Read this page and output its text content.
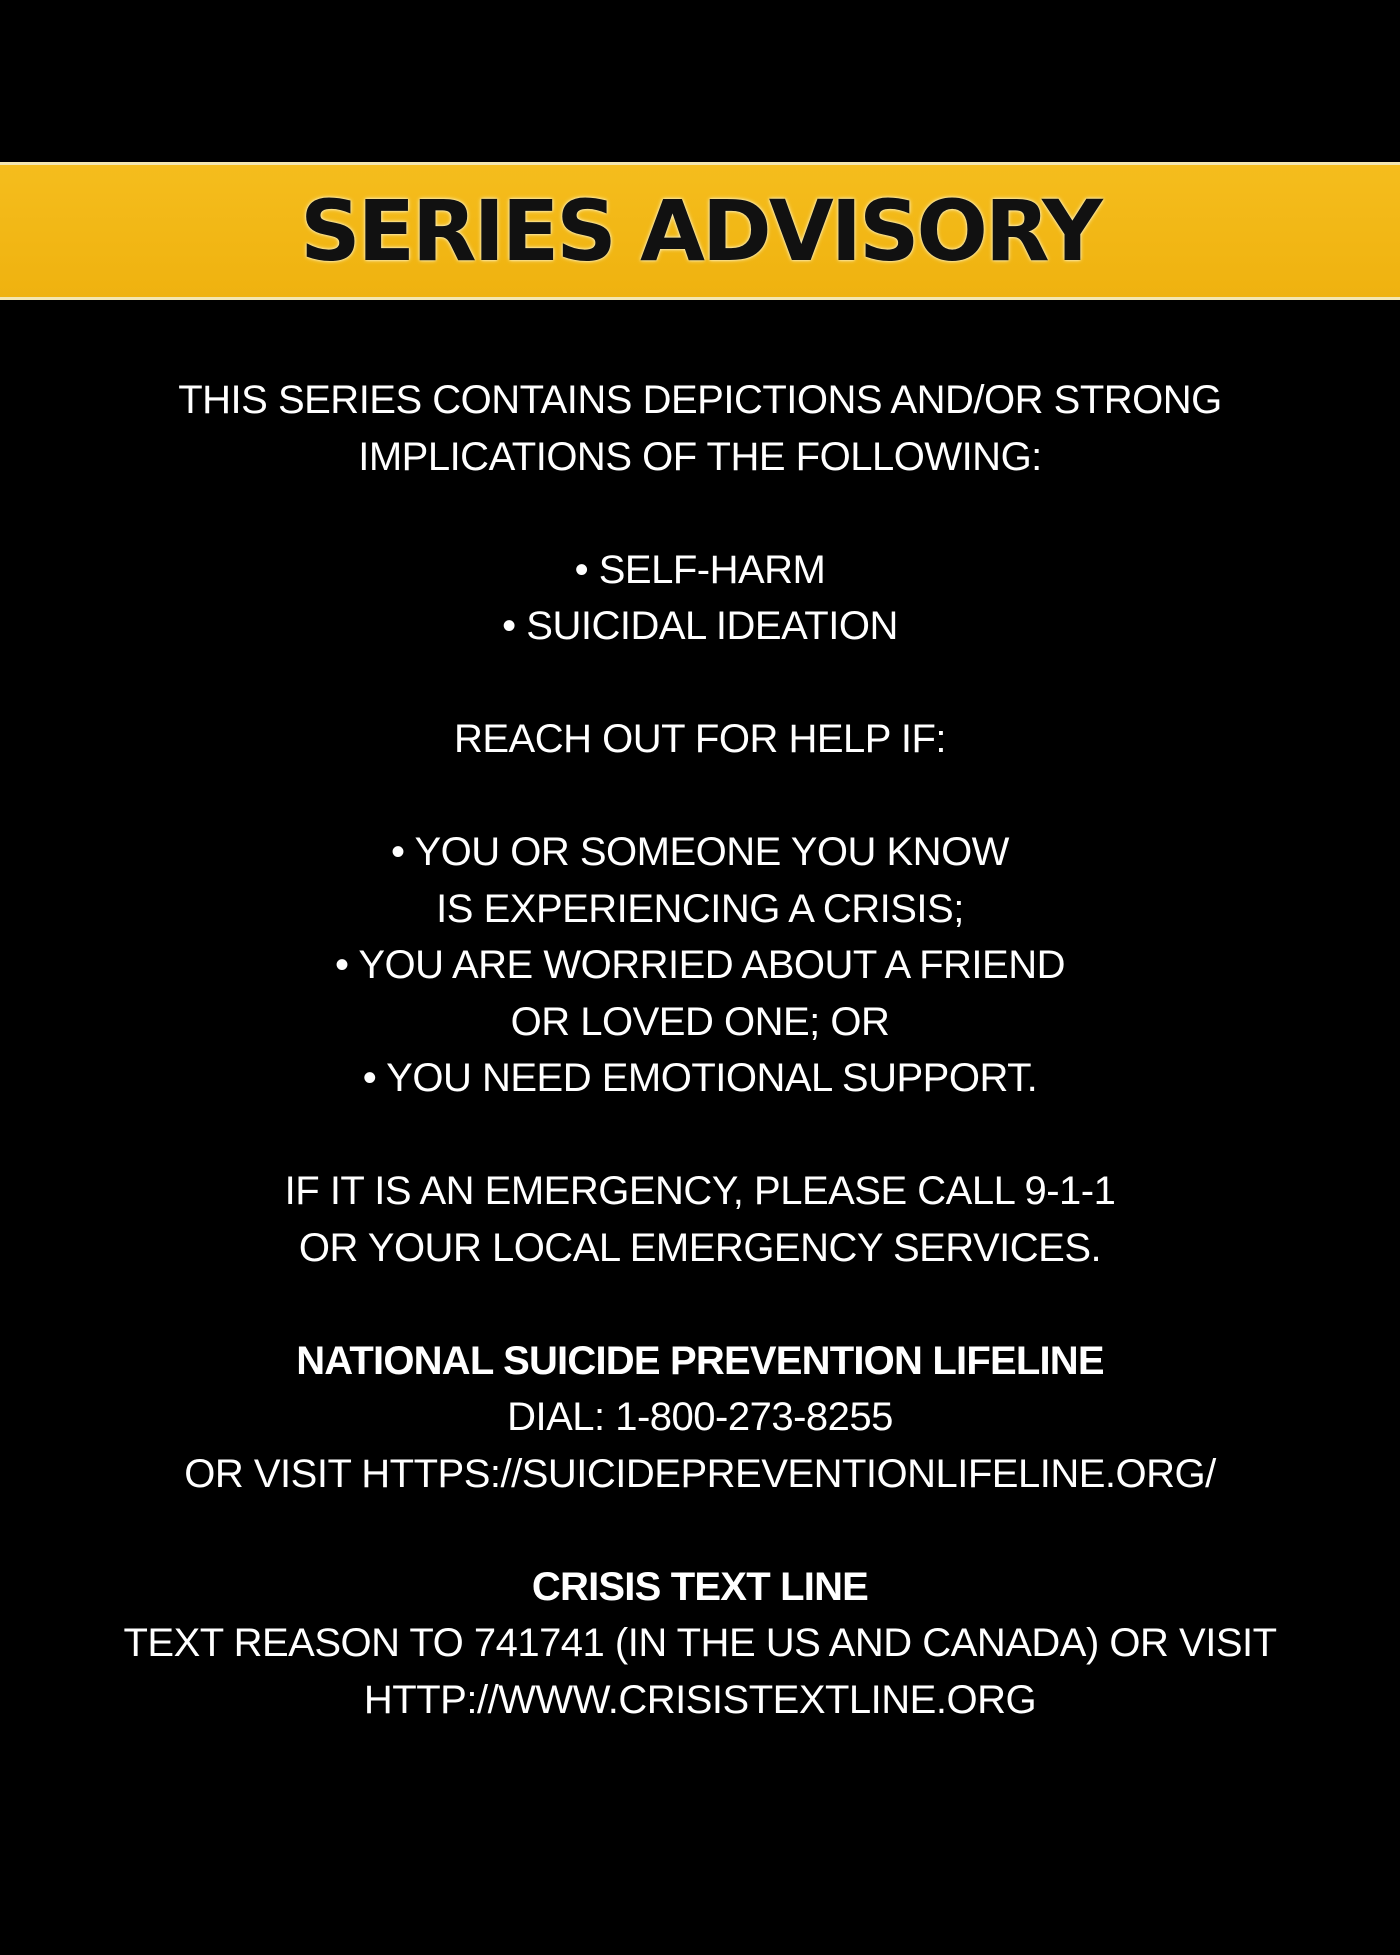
SERIES ADVISORY
THIS SERIES CONTAINS DEPICTIONS AND/OR STRONG
IMPLICATIONS OF THE FOLLOWING:
• SELF-HARM
• SUICIDAL IDEATION
REACH OUT FOR HELP IF:
• YOU OR SOMEONE YOU KNOW
IS EXPERIENCING A CRISIS;
• YOU ARE WORRIED ABOUT A FRIEND
OR LOVED ONE; OR
• YOU NEED EMOTIONAL SUPPORT.
IF IT IS AN EMERGENCY, PLEASE CALL 9-1-1
OR YOUR LOCAL EMERGENCY SERVICES.
NATIONAL SUICIDE PREVENTION LIFELINE
DIAL: 1-800-273-8255
OR VISIT HTTPS://SUICIDEPREVENTIONLIFELINE.ORG/
CRISIS TEXT LINE
TEXT REASON TO 741741 (IN THE US AND CANADA) OR VISIT
HTTP://WWW.CRISISTEXTLINE.ORG
